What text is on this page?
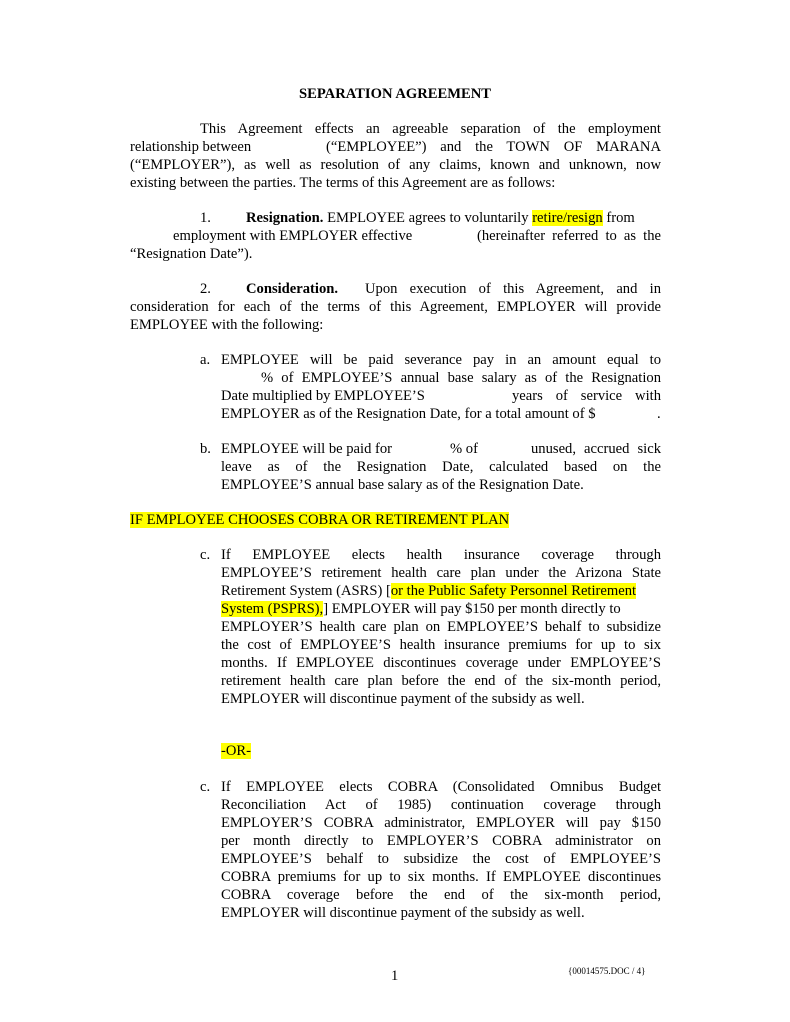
SEPARATION AGREEMENT
This Agreement effects an agreeable separation of the employment
relationship between	(“EMPLOYEE”) and the TOWN OF MARANA
(“EMPLOYER”), as well as resolution of any claims, known and unknown, now
existing between the parties. The terms of this Agreement are as follows:
1. Resignation. EMPLOYEE agrees to voluntarily retire/resign from
employment with EMPLOYER effective	(hereinafter referred to as the
“Resignation Date”).
2. Consideration. Upon execution of this Agreement, and in
consideration for each of the terms of this Agreement, EMPLOYER will provide
EMPLOYEE with the following:
a. EMPLOYEE will be paid severance pay in an amount equal to
% of EMPLOYEE’S annual base salary as of the Resignation
Date multiplied by EMPLOYEE’S	years of service with
EMPLOYER as of the Resignation Date, for a total amount of $	.
b. EMPLOYEE will be paid for	% of	unused, accrued sick
leave as of the Resignation Date, calculated based on the
EMPLOYEE’S annual base salary as of the Resignation Date.
IF EMPLOYEE CHOOSES COBRA OR RETIREMENT PLAN
c. If EMPLOYEE elects health insurance coverage through
EMPLOYEE’S retirement health care plan under the Arizona State
Retirement System (ASRS) [or the Public Safety Personnel Retirement
System (PSPRS),] EMPLOYER will pay $150 per month directly to
EMPLOYER’S health care plan on EMPLOYEE’S behalf to subsidize
the cost of EMPLOYEE’S health insurance premiums for up to six
months. If EMPLOYEE discontinues coverage under EMPLOYEE’S
retirement health care plan before the end of the six-month period,
EMPLOYER will discontinue payment of the subsidy as well.
-OR-
c. If EMPLOYEE elects COBRA (Consolidated Omnibus Budget
Reconciliation Act of 1985) continuation coverage through
EMPLOYER’S COBRA administrator, EMPLOYER will pay $150
per month directly to EMPLOYER’S COBRA administrator on
EMPLOYEE’S behalf to subsidize the cost of EMPLOYEE’S
COBRA premiums for up to six months. If EMPLOYEE discontinues
COBRA coverage before the end of the six-month period,
EMPLOYER will discontinue payment of the subsidy as well.
1	{00014575.DOC / 4}
